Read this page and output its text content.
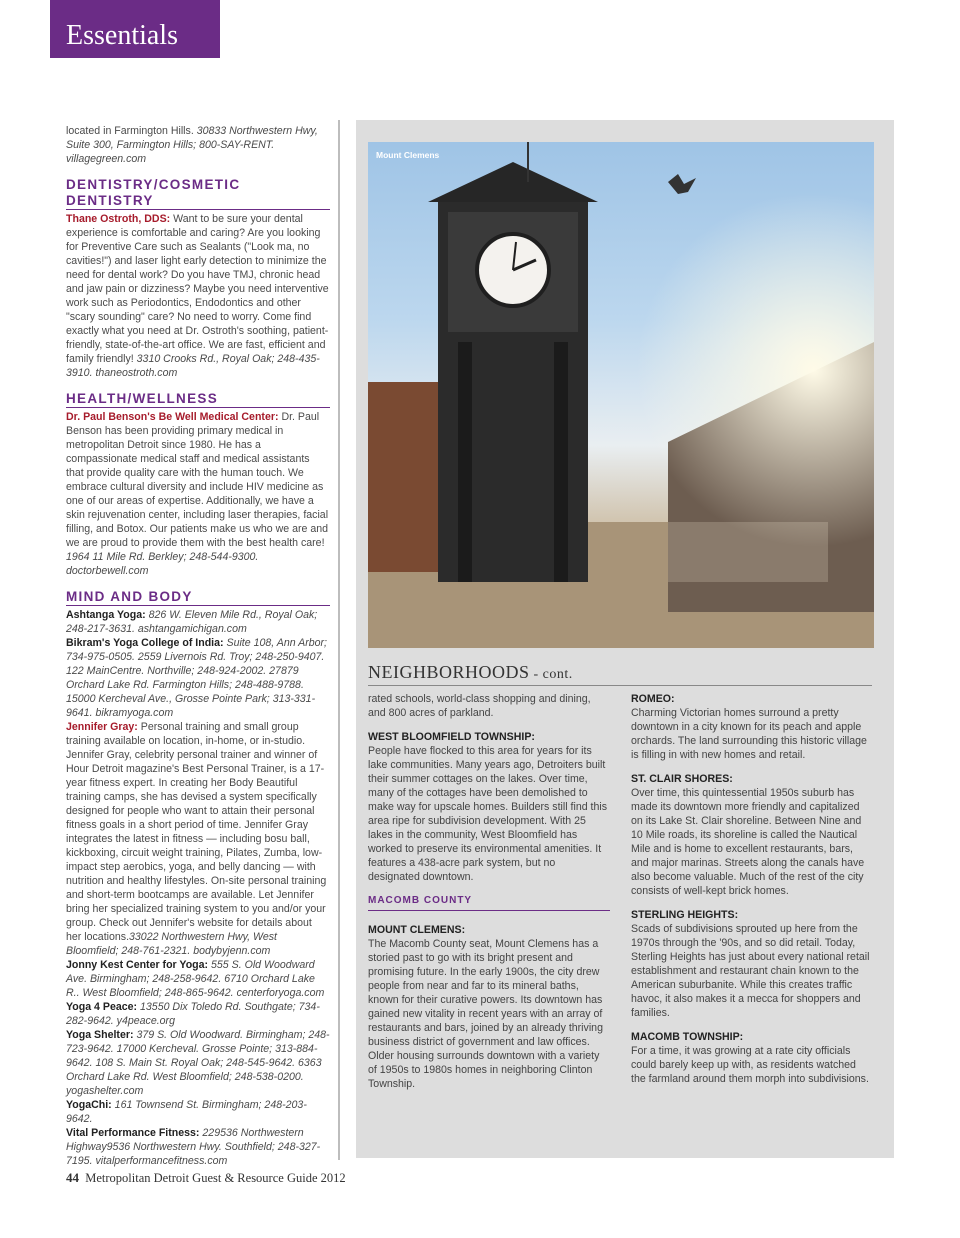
Essentials

located in Farmington Hills. 30833 Northwestern Hwy, Suite 300, Farmington Hills; 800-SAY-RENT. villagegreen.com

DENTISTRY/COSMETIC DENTISTRY

Thane Ostroth, DDS: Want to be sure your dental experience is comfortable and caring? Are you looking for Preventive Care such as Sealants ("Look ma, no cavities!") and laser light early detection to minimize the need for dental work? Do you have TMJ, chronic head and jaw pain or dizziness? Maybe you need interventive work such as Periodontics, Endodontics and other "scary sounding" care? No need to worry. Come find exactly what you need at Dr. Ostroth's soothing, patient-friendly, state-of-the-art office. We are fast, efficient and family friendly! 3310 Crooks Rd., Royal Oak; 248-435-3910. thaneostroth.com

HEALTH/WELLNESS

Dr. Paul Benson's Be Well Medical Center: Dr. Paul Benson has been providing primary medical in metropolitan Detroit since 1980. He has a compassionate medical staff and medical assistants that provide quality care with the human touch. We embrace cultural diversity and include HIV medicine as one of our areas of expertise. Additionally, we have a skin rejuvenation center, including laser therapies, facial filling, and Botox. Our patients make us who we are and we are proud to provide them with the best health care! 1964 11 Mile Rd. Berkley; 248-544-9300. doctorbewell.com

MIND AND BODY

Ashtanga Yoga: 826 W. Eleven Mile Rd., Royal Oak; 248-217-3631. ashtangamichigan.com

Bikram's Yoga College of India: Suite 108, Ann Arbor; 734-975-0505. 2559 Livernois Rd. Troy; 248-250-9407. 122 MainCentre. Northville; 248-924-2002. 27879 Orchard Lake Rd. Farmington Hills; 248-488-9788. 15000 Kercheval Ave., Grosse Pointe Park; 313-331-9641. bikramyoga.com

Jennifer Gray: Personal training and small group training available on location, in-home, or in-studio. Jennifer Gray, celebrity personal trainer and winner of Hour Detroit magazine's Best Personal Trainer, is a 17-year fitness expert. In creating her Body Beautiful training camps, she has devised a system specifically designed for people who want to attain their personal fitness goals in a short period of time. Jennifer Gray integrates the latest in fitness — including bosu ball, kickboxing, circuit weight training, Pilates, Zumba, low-impact step aerobics, yoga, and belly dancing — with nutrition and healthy lifestyles. On-site personal training and short-term bootcamps are available. Let Jennifer bring her specialized training system to you and/or your group. Check out Jennifer's website for details about her locations.33022 Northwestern Hwy, West Bloomfield; 248-761-2321. bodybyjenn.com

Jonny Kest Center for Yoga: 555 S. Old Woodward Ave. Birmingham; 248-258-9642. 6710 Orchard Lake R.. West Bloomfield; 248-865-9642. centerforyoga.com

Yoga 4 Peace: 13550 Dix Toledo Rd. Southgate; 734-282-9642. y4peace.org

Yoga Shelter: 379 S. Old Woodward. Birmingham; 248-723-9642. 17000 Kercheval. Grosse Pointe; 313-884-9642. 108 S. Main St. Royal Oak; 248-545-9642. 6363 Orchard Lake Rd. West Bloomfield; 248-538-0200. yogashelter.com

YogaChi: 161 Townsend St. Birmingham; 248-203-9642.

Vital Performance Fitness: 229536 Northwestern Highway9536 Northwestern Hwy. Southfield; 248-327-7195. vitalperformancefitness.com

Mount Clemens
NEIGHBORHOODS - cont.

rated schools, world-class shopping and dining, and 800 acres of parkland.

WEST BLOOMFIELD TOWNSHIP:

People have flocked to this area for years for its lake communities. Many years ago, Detroiters built their summer cottages on the lakes. Over time, many of the cottages have been demolished to make way for upscale homes. Builders still find this area ripe for subdivision development. With 25 lakes in the community, West Bloomfield has worked to preserve its environmental amenities. It features a 438-acre park system, but no designated downtown.

MACOMB COUNTY
MOUNT CLEMENS:

The Macomb County seat, Mount Clemens has a storied past to go with its bright present and promising future. In the early 1900s, the city drew people from near and far to its mineral baths, known for their curative powers. Its downtown has gained new vitality in recent years with an array of restaurants and bars, joined by an already thriving business district of government and law offices. Older housing surrounds downtown with a variety of 1950s to 1980s homes in neighboring Clinton Township.

ROMEO:

Charming Victorian homes surround a pretty downtown in a city known for its peach and apple orchards. The land surrounding this historic village is filling in with new homes and retail.

ST. CLAIR SHORES:

Over time, this quintessential 1950s suburb has made its downtown more friendly and capitalized on its Lake St. Clair shoreline. Between Nine and 10 Mile roads, its shoreline is called the Nautical Mile and is home to excellent restaurants, bars, and major marinas. Streets along the canals have also become valuable. Much of the rest of the city consists of well-kept brick homes.

STERLING HEIGHTS:

Scads of subdivisions sprouted up here from the 1970s through the '90s, and so did retail. Today, Sterling Heights has just about every national retail establishment and restaurant chain known to the American suburbanite. While this creates traffic havoc, it also makes it a mecca for shoppers and families.

MACOMB TOWNSHIP:

For a time, it was growing at a rate city officials could barely keep up with, as residents watched the farmland around them morph into subdivisions.

44 Metropolitan Detroit Guest & Resource Guide 2012
